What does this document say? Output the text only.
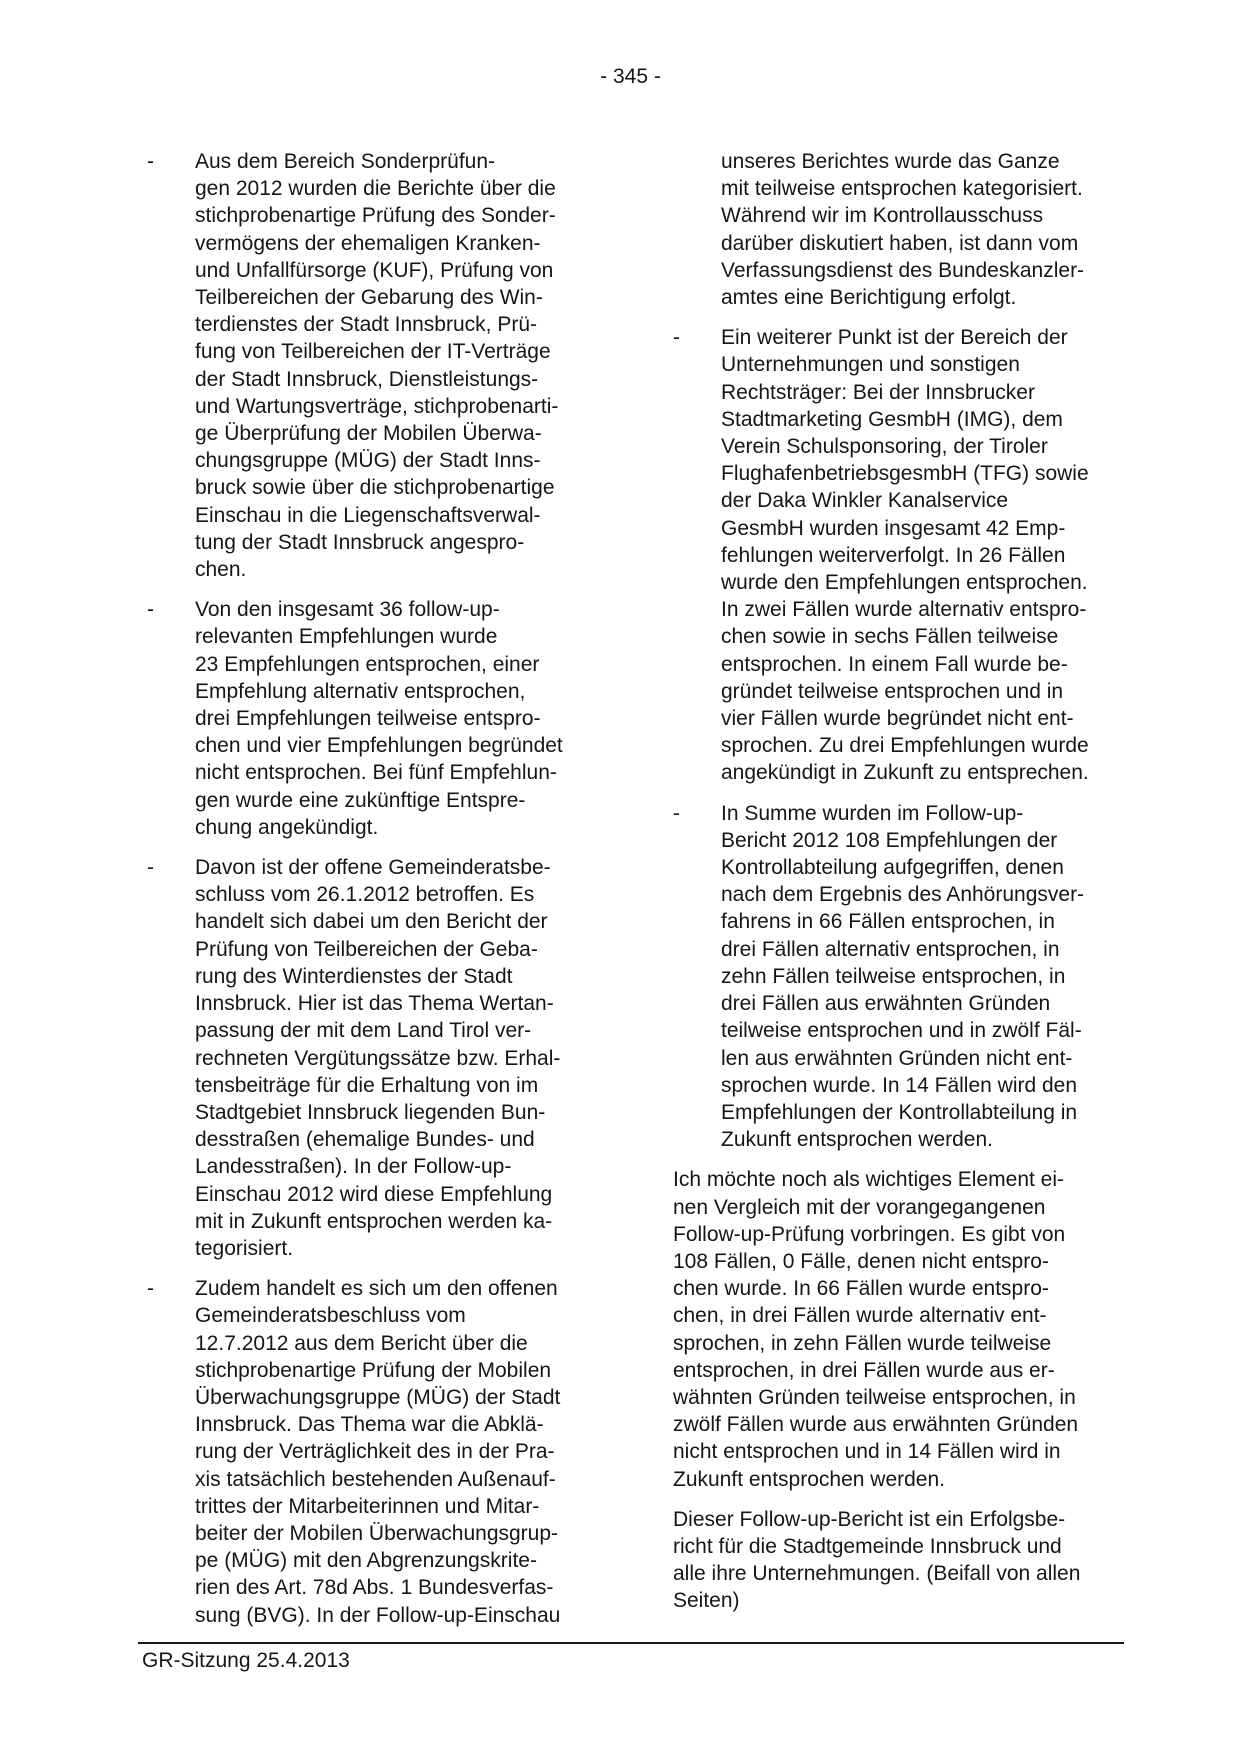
- 345 -
-	Aus dem Bereich Sonderprüfun-
gen 2012 wurden die Berichte über die
stichprobenartige Prüfung des Sonder-
vermögens der ehemaligen Kranken-
und Unfallfürsorge (KUF), Prüfung von
Teilbereichen der Gebarung des Win-
terdienstes der Stadt Innsbruck, Prü-
fung von Teilbereichen der IT-Verträge
der Stadt Innsbruck, Dienstleistungs-
und Wartungsverträge, stichprobenarti-
ge Überprüfung der Mobilen Überwa-
chungsgruppe (MÜG) der Stadt Inns-
bruck sowie über die stichprobenartige
Einschau in die Liegenschaftsverwal-
tung der Stadt Innsbruck angespro-
chen.
-	Von den insgesamt 36 follow-up-
relevanten Empfehlungen wurde
23 Empfehlungen entsprochen, einer
Empfehlung alternativ entsprochen,
drei Empfehlungen teilweise entspro-
chen und vier Empfehlungen begründet
nicht entsprochen. Bei fünf Empfehlun-
gen wurde eine zukünftige Entspre-
chung angekündigt.
-	Davon ist der offene Gemeinderatsbe-
schluss vom 26.1.2012 betroffen. Es
handelt sich dabei um den Bericht der
Prüfung von Teilbereichen der Geba-
rung des Winterdienstes der Stadt
Innsbruck. Hier ist das Thema Wertan-
passung der mit dem Land Tirol ver-
rechneten Vergütungssätze bzw. Erhal-
tensbeiträge für die Erhaltung von im
Stadtgebiet Innsbruck liegenden Bun-
desstraßen (ehemalige Bundes- und
Landesstraßen). In der Follow-up-
Einschau 2012 wird diese Empfehlung
mit in Zukunft entsprochen werden ka-
tegorisiert.
-	Zudem handelt es sich um den offenen
Gemeinderatsbeschluss vom
12.7.2012 aus dem Bericht über die
stichprobenartige Prüfung der Mobilen
Überwachungsgruppe (MÜG) der Stadt
Innsbruck. Das Thema war die Abklä-
rung der Verträglichkeit des in der Pra-
xis tatsächlich bestehenden Außenauf-
trittes der Mitarbeiterinnen und Mitar-
beiter der Mobilen Überwachungsgrup-
pe (MÜG) mit den Abgrenzungskrite-
rien des Art. 78d Abs. 1 Bundesverfas-
sung (BVG). In der Follow-up-Einschau
unseres Berichtes wurde das Ganze
mit teilweise entsprochen kategorisiert.
Während wir im Kontrollausschuss
darüber diskutiert haben, ist dann vom
Verfassungsdienst des Bundeskanzler-
amtes eine Berichtigung erfolgt.
-	Ein weiterer Punkt ist der Bereich der
Unternehmungen und sonstigen
Rechtsträger: Bei der Innsbrucker
Stadtmarketing GesmbH (IMG), dem
Verein Schulsponsoring, der Tiroler
FlughafenbetriebsgesmbH (TFG) sowie
der Daka Winkler Kanalservice
GesmbH wurden insgesamt 42 Emp-
fehlungen weiterverfolgt. In 26 Fällen
wurde den Empfehlungen entsprochen.
In zwei Fällen wurde alternativ entspro-
chen sowie in sechs Fällen teilweise
entsprochen. In einem Fall wurde be-
gründet teilweise entsprochen und in
vier Fällen wurde begründet nicht ent-
sprochen. Zu drei Empfehlungen wurde
angekündigt in Zukunft zu entsprechen.
-	In Summe wurden im Follow-up-
Bericht 2012 108 Empfehlungen der
Kontrollabteilung aufgegriffen, denen
nach dem Ergebnis des Anhörungsver-
fahrens in 66 Fällen entsprochen, in
drei Fällen alternativ entsprochen, in
zehn Fällen teilweise entsprochen, in
drei Fällen aus erwähnten Gründen
teilweise entsprochen und in zwölf Fäl-
len aus erwähnten Gründen nicht ent-
sprochen wurde. In 14 Fällen wird den
Empfehlungen der Kontrollabteilung in
Zukunft entsprochen werden.
Ich möchte noch als wichtiges Element ei-
nen Vergleich mit der vorangegangenen
Follow-up-Prüfung vorbringen. Es gibt von
108 Fällen, 0 Fälle, denen nicht entspro-
chen wurde. In 66 Fällen wurde entspro-
chen, in drei Fällen wurde alternativ ent-
sprochen, in zehn Fällen wurde teilweise
entsprochen, in drei Fällen wurde aus er-
wähnten Gründen teilweise entsprochen, in
zwölf Fällen wurde aus erwähnten Gründen
nicht entsprochen und in 14 Fällen wird in
Zukunft entsprochen werden.
Dieser Follow-up-Bericht ist ein Erfolgsbe-
richt für die Stadtgemeinde Innsbruck und
alle ihre Unternehmungen. (Beifall von allen
Seiten)
GR-Sitzung 25.4.2013
